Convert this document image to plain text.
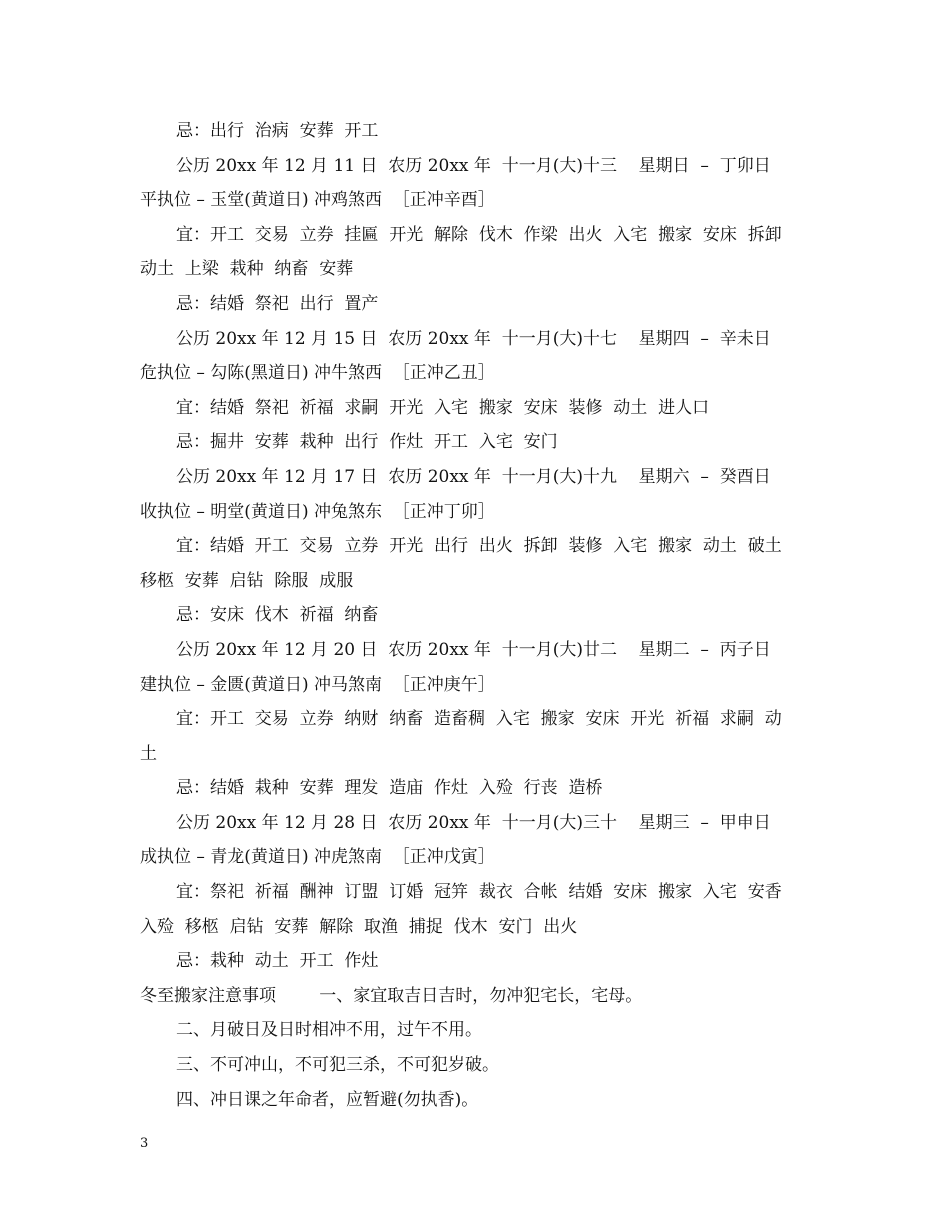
忌：出行  治病  安葬  开工
公历 20xx 年 12 月 11 日  农历 20xx 年  十一月(大)十三    星期日  –  丁卯日
平执位 – 玉堂(黄道日) 冲鸡煞西  ［正冲辛酉］
宜：开工  交易  立券  挂匾  开光  解除  伐木  作梁  出火  入宅  搬家  安床  拆卸
动土  上梁  栽种  纳畜  安葬
忌：结婚  祭祀  出行  置产
公历 20xx 年 12 月 15 日  农历 20xx 年  十一月(大)十七    星期四  –  辛未日
危执位 – 勾陈(黑道日) 冲牛煞西  ［正冲乙丑］
宜：结婚  祭祀  祈福  求嗣  开光  入宅  搬家  安床  装修  动土  进人口
忌：掘井  安葬  栽种  出行  作灶  开工  入宅  安门
公历 20xx 年 12 月 17 日  农历 20xx 年  十一月(大)十九    星期六  –  癸酉日
收执位 – 明堂(黄道日) 冲兔煞东  ［正冲丁卯］
宜：结婚  开工  交易  立券  开光  出行  出火  拆卸  装修  入宅  搬家  动土  破土
移柩  安葬  启钻  除服  成服
忌：安床  伐木  祈福  纳畜
公历 20xx 年 12 月 20 日  农历 20xx 年  十一月(大)廿二    星期二  –  丙子日
建执位 – 金匮(黄道日) 冲马煞南  ［正冲庚午］
宜：开工  交易  立券  纳财  纳畜  造畜稠  入宅  搬家  安床  开光  祈福  求嗣  动
土
忌：结婚  栽种  安葬  理发  造庙  作灶  入殓  行丧  造桥
公历 20xx 年 12 月 28 日  农历 20xx 年  十一月(大)三十    星期三  –  甲申日
成执位 – 青龙(黄道日) 冲虎煞南  ［正冲戊寅］
宜：祭祀  祈福  酬神  订盟  订婚  冠笄  裁衣  合帐  结婚  安床  搬家  入宅  安香
入殓  移柩  启钻  安葬  解除  取渔  捕捉  伐木  安门  出火
忌：栽种  动土  开工  作灶
冬至搬家注意事项        一、家宜取吉日吉时，勿冲犯宅长，宅母。
二、月破日及日时相冲不用，过午不用。
三、不可冲山，不可犯三杀，不可犯岁破。
四、冲日课之年命者，应暂避(勿执香)。
3
